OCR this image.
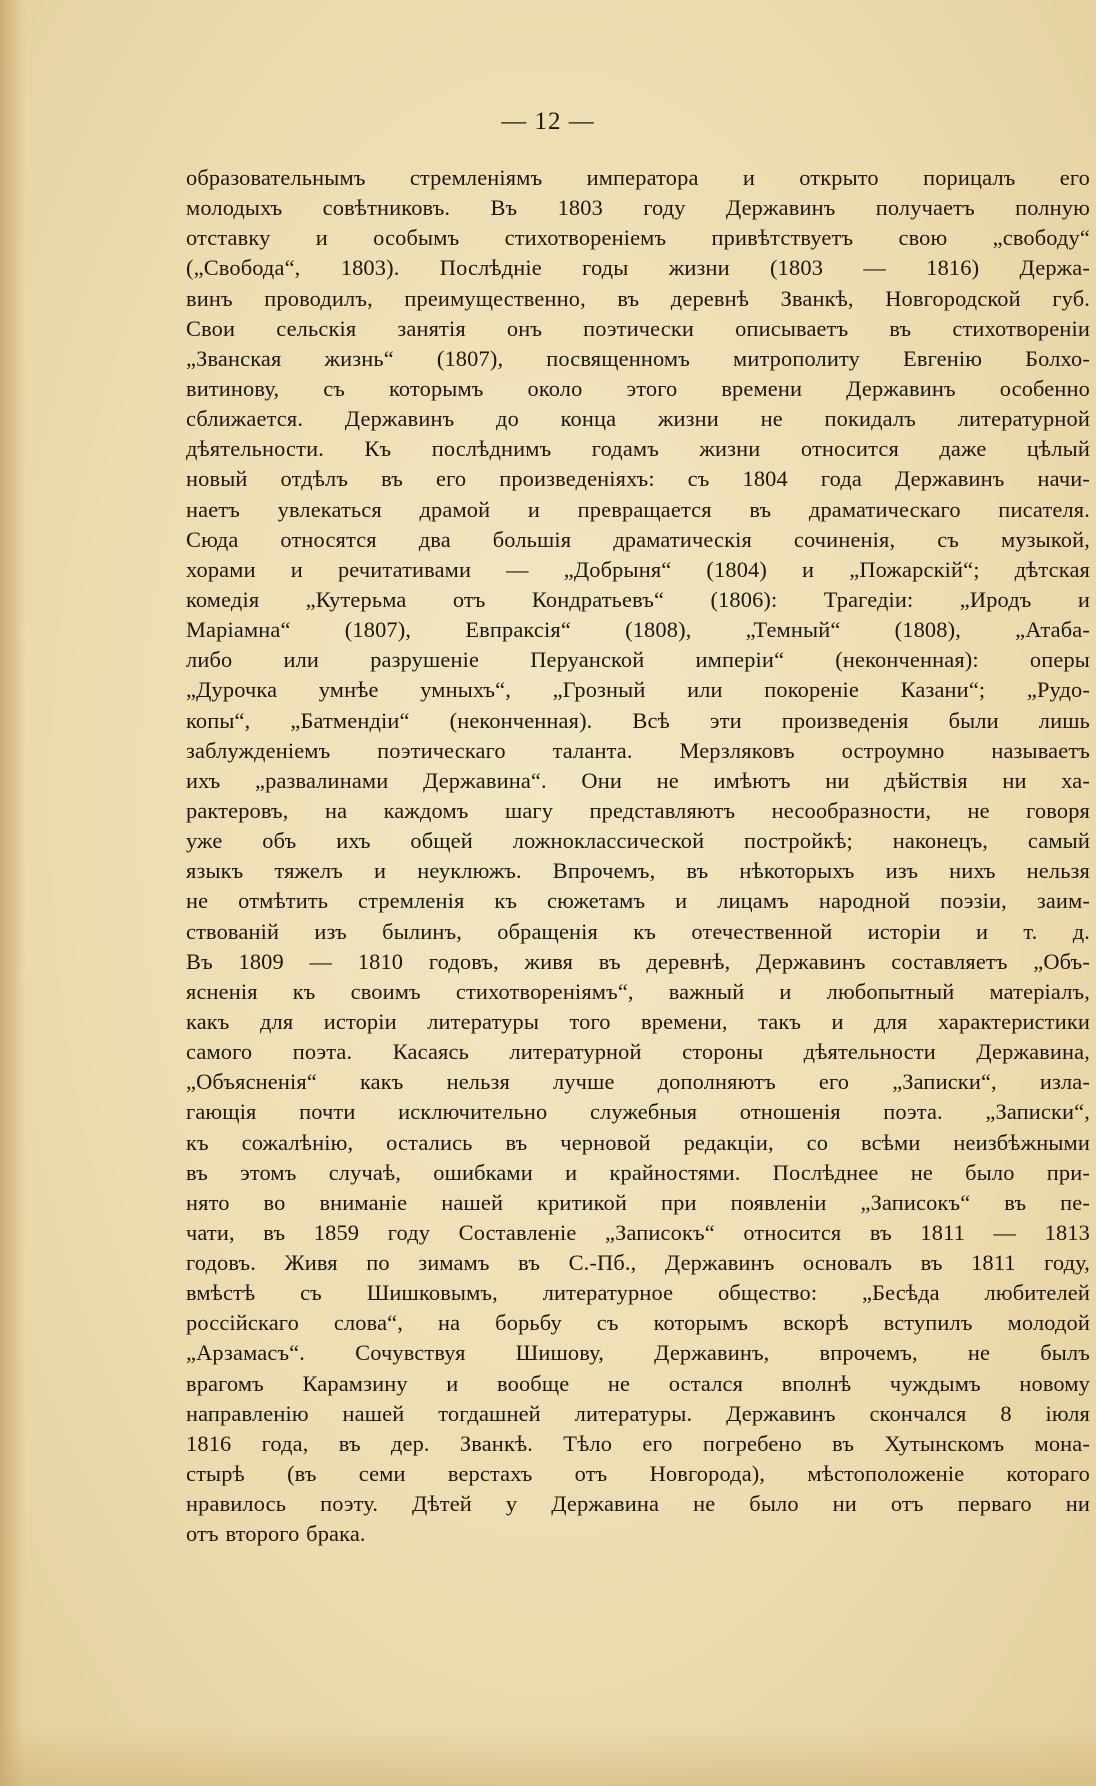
— 12 —
образовательнымъ стремленіямъ императора и открыто порицалъ его
молодыхъ совѣтниковъ. Въ 1803 году Державинъ получаетъ полную
отставку и особымъ стихотвореніемъ привѣтствуетъ свою „свободу“
(„Свобода“, 1803). Послѣдніе годы жизни (1803 — 1816) Держа-
винъ проводилъ, преимущественно, въ деревнѣ Званкѣ, Новгородской губ.
Свои сельскія занятія онъ поэтически описываетъ въ стихотвореніи
„Званская жизнь“ (1807), посвященномъ митрополиту Евгенію Болхо-
витинову, съ которымъ около этого времени Державинъ особенно
сближается. Державинъ до конца жизни не покидалъ литературной
дѣятельности. Къ послѣднимъ годамъ жизни относится даже цѣлый
новый отдѣлъ въ его произведеніяхъ: съ 1804 года Державинъ начи-
наетъ увлекаться драмой и превращается въ драматическаго писателя.
Сюда относятся два большія драматическія сочиненія, съ музыкой,
хорами и речитативами — „Добрыня“ (1804) и „Пожарскій“; дѣтская
комедія „Кутерьма отъ Кондратьевъ“ (1806): Трагедіи: „Иродъ и
Маріамна“ (1807), Евпраксія“ (1808), „Темный“ (1808), „Атаба-
либо или разрушеніе Перуанской имперіи“ (неконченная): оперы
„Дурочка умнѣе умныхъ“, „Грозный или покореніе Казани“; „Рудо-
копы“, „Батмендіи“ (неконченная). Всѣ эти произведенія были лишь
заблужденіемъ поэтическаго таланта. Мерзляковъ остроумно называетъ
ихъ „развалинами Державина“. Они не имѣютъ ни дѣйствія ни ха-
рактеровъ, на каждомъ шагу представляютъ несообразности, не говоря
уже объ ихъ общей ложноклассической постройкѣ; наконецъ, самый
языкъ тяжелъ и неуклюжъ. Впрочемъ, въ нѣкоторыхъ изъ нихъ нельзя
не отмѣтить стремленія къ сюжетамъ и лицамъ народной поэзіи, заим-
ствованій изъ былинъ, обращенія къ отечественной исторіи и т. д.
Въ 1809 — 1810 годовъ, живя въ деревнѣ, Державинъ составляетъ „Объ-
ясненія къ своимъ стихотвореніямъ“, важный и любопытный матеріалъ,
какъ для исторіи литературы того времени, такъ и для характеристики
самого поэта. Касаясь литературной стороны дѣятельности Державина,
„Объясненія“ какъ нельзя лучше дополняютъ его „Записки“, излa-
гающія почти исключительно служебныя отношенія поэта. „Записки“,
къ сожалѣнію, остались въ черновой редакціи, со всѣми неизбѣжными
въ этомъ случаѣ, ошибками и крайностями. Послѣднее не было при-
нято во вниманіе нашей критикой при появленіи „Записокъ“ въ пе-
чати, въ 1859 году Составленіе „Записокъ“ относится въ 1811 — 1813
годовъ. Живя по зимамъ въ С.-Пб., Державинъ основалъ въ 1811 году,
вмѣстѣ съ Шишковымъ, литературное общество: „Бесѣда любителей
россійскаго слова“, на борьбу съ которымъ вскорѣ вступилъ молодой
„Арзамасъ“. Сочувствуя Шишову, Державинъ, впрочемъ, не былъ
врагомъ Карамзину и вообще не остался вполнѣ чуждымъ новому
направленію нашей тогдашней литературы. Державинъ скончался 8 іюля
1816 года, въ дер. Званкѣ. Тѣло его погребено въ Хутынскомъ мона-
стырѣ (въ семи верстахъ отъ Новгорода), мѣстоположеніе котораго
нравилось поэту. Дѣтей у Державина не было ни отъ перваго ни
отъ второго брака.
